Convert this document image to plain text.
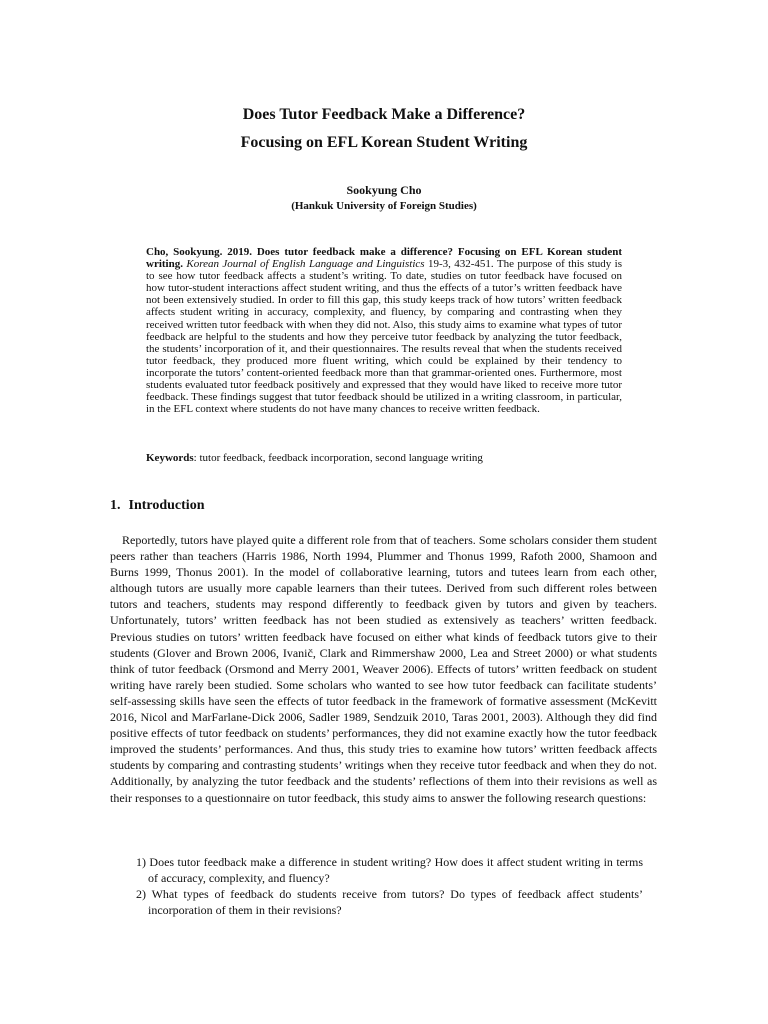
Does Tutor Feedback Make a Difference?
Focusing on EFL Korean Student Writing
Sookyung Cho
(Hankuk University of Foreign Studies)
Cho, Sookyung. 2019. Does tutor feedback make a difference? Focusing on EFL Korean student writing. Korean Journal of English Language and Linguistics 19-3, 432-451. The purpose of this study is to see how tutor feedback affects a student’s writing. To date, studies on tutor feedback have focused on how tutor-student interactions affect student writing, and thus the effects of a tutor’s written feedback have not been extensively studied. In order to fill this gap, this study keeps track of how tutors’ written feedback affects student writing in accuracy, complexity, and fluency, by comparing and contrasting when they received written tutor feedback with when they did not. Also, this study aims to examine what types of tutor feedback are helpful to the students and how they perceive tutor feedback by analyzing the tutor feedback, the students’ incorporation of it, and their questionnaires. The results reveal that when the students received tutor feedback, they produced more fluent writing, which could be explained by their tendency to incorporate the tutors’ content-oriented feedback more than that grammar-oriented ones. Furthermore, most students evaluated tutor feedback positively and expressed that they would have liked to receive more tutor feedback. These findings suggest that tutor feedback should be utilized in a writing classroom, in particular, in the EFL context where students do not have many chances to receive written feedback.
Keywords: tutor feedback, feedback incorporation, second language writing
1. Introduction

Reportedly, tutors have played quite a different role from that of teachers. Some scholars consider them student peers rather than teachers (Harris 1986, North 1994, Plummer and Thonus 1999, Rafoth 2000, Shamoon and Burns 1999, Thonus 2001). In the model of collaborative learning, tutors and tutees learn from each other, although tutors are usually more capable learners than their tutees. Derived from such different roles between tutors and teachers, students may respond differently to feedback given by tutors and given by teachers. Unfortunately, tutors’ written feedback has not been studied as extensively as teachers’ written feedback. Previous studies on tutors’ written feedback have focused on either what kinds of feedback tutors give to their students (Glover and Brown 2006, Ivanič, Clark and Rimmershaw 2000, Lea and Street 2000) or what students think of tutor feedback (Orsmond and Merry 2001, Weaver 2006). Effects of tutors’ written feedback on student writing have rarely been studied. Some scholars who wanted to see how tutor feedback can facilitate students’ self-assessing skills have seen the effects of tutor feedback in the framework of formative assessment (McKevitt 2016, Nicol and MarFarlane-Dick 2006, Sadler 1989, Sendzuik 2010, Taras 2001, 2003). Although they did find positive effects of tutor feedback on students’ performances, they did not examine exactly how the tutor feedback improved the students’ performances. And thus, this study tries to examine how tutors’ written feedback affects students by comparing and contrasting students’ writings when they receive tutor feedback and when they do not. Additionally, by analyzing the tutor feedback and the students’ reflections of them into their revisions as well as their responses to a questionnaire on tutor feedback, this study aims to answer the following research questions:

1) Does tutor feedback make a difference in student writing? How does it affect student writing in terms of accuracy, complexity, and fluency?

2) What types of feedback do students receive from tutors? Do types of feedback affect students’ incorporation of them in their revisions?
